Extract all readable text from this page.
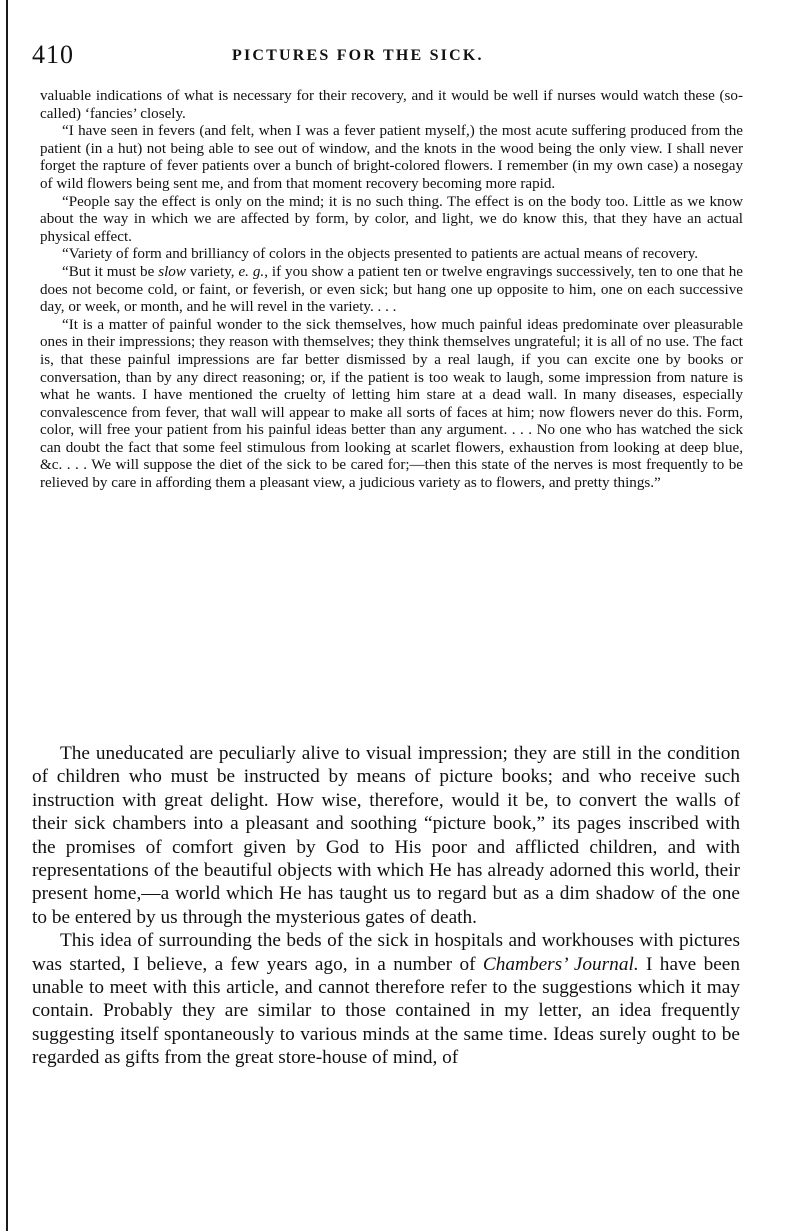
410	PICTURES FOR THE SICK.

valuable indications of what is necessary for their recovery, and it would be well if nurses would watch these (so-called) ‘fancies’ closely.

“I have seen in fevers (and felt, when I was a fever patient myself,) the most acute suffering produced from the patient (in a hut) not being able to see out of window, and the knots in the wood being the only view. I shall never forget the rapture of fever patients over a bunch of bright-colored flowers. I remember (in my own case) a nosegay of wild flowers being sent me, and from that moment recovery becoming more rapid.

“People say the effect is only on the mind; it is no such thing. The effect is on the body too. Little as we know about the way in which we are affected by form, by color, and light, we do know this, that they have an actual physical effect.

“Variety of form and brilliancy of colors in the objects presented to patients are actual means of recovery.

“But it must be slow variety, e. g., if you show a patient ten or twelve engravings successively, ten to one that he does not become cold, or faint, or feverish, or even sick; but hang one up opposite to him, one on each successive day, or week, or month, and he will revel in the variety. . . .

“It is a matter of painful wonder to the sick themselves, how much painful ideas predominate over pleasurable ones in their impressions; they reason with themselves; they think themselves ungrateful; it is all of no use. The fact is, that these painful impressions are far better dismissed by a real laugh, if you can excite one by books or conversation, than by any direct reasoning; or, if the patient is too weak to laugh, some impression from nature is what he wants. I have mentioned the cruelty of letting him stare at a dead wall. In many diseases, especially convalescence from fever, that wall will appear to make all sorts of faces at him; now flowers never do this. Form, color, will free your patient from his painful ideas better than any argument. . . . No one who has watched the sick can doubt the fact that some feel stimulous from looking at scarlet flowers, exhaustion from looking at deep blue, &c. . . . We will suppose the diet of the sick to be cared for;—then this state of the nerves is most frequently to be relieved by care in affording them a pleasant view, a judicious variety as to flowers, and pretty things.”

The uneducated are peculiarly alive to visual impression; they are still in the condition of children who must be instructed by means of picture books; and who receive such instruction with great delight. How wise, therefore, would it be, to convert the walls of their sick chambers into a pleasant and soothing “picture book,” its pages inscribed with the promises of comfort given by God to His poor and afflicted children, and with representations of the beautiful objects with which He has already adorned this world, their present home,—a world which He has taught us to regard but as a dim shadow of the one to be entered by us through the mysterious gates of death.

This idea of surrounding the beds of the sick in hospitals and workhouses with pictures was started, I believe, a few years ago, in a number of Chambers’ Journal. I have been unable to meet with this article, and cannot therefore refer to the suggestions which it may contain. Probably they are similar to those contained in my letter, an idea frequently suggesting itself spontaneously to various minds at the same time. Ideas surely ought to be regarded as gifts from the great store-house of mind, of
